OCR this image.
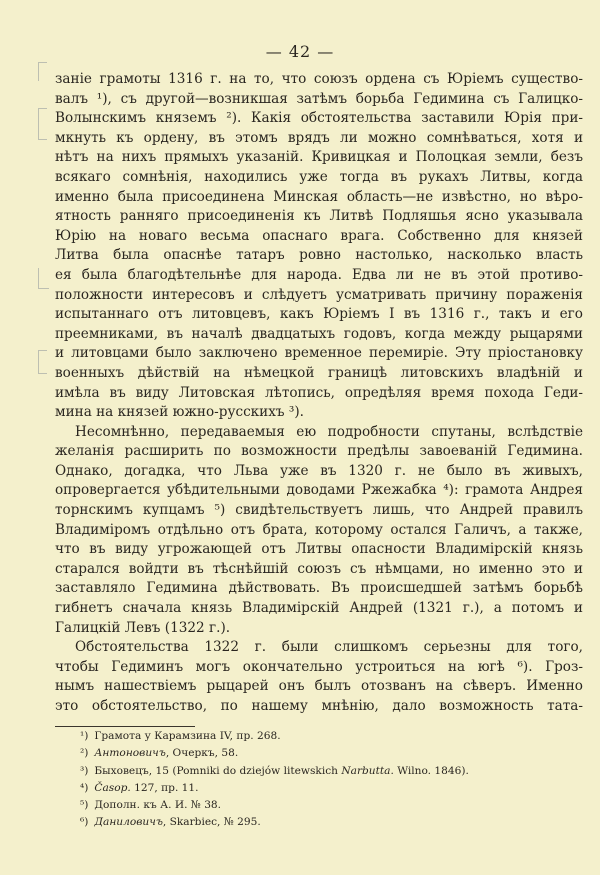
— 42 —
заніе грамоты 1316 г. на то, что союзъ ордена съ Юріемъ существо-
валъ ¹), съ другой—возникшая затѣмъ борьба Гедимина съ Галицко-
Волынскимъ княземъ ²). Какія обстоятельства заставили Юрія при-
мкнуть къ ордену, въ этомъ врядъ ли можно сомнѣваться, хотя и
нѣтъ на нихъ прямыхъ указаній. Кривицкая и Полоцкая земли, безъ
всякаго сомнѣнія, находились уже тогда въ рукахъ Литвы, когда
именно была присоединена Минская область—не извѣстно, но вѣро-
ятность ранняго присоединенія къ Литвѣ Подляшья ясно указывала
Юрію на новаго весьма опаснаго врага. Собственно для князей
Литва была опаснѣе татаръ ровно настолько, насколько власть
ея была благодѣтельнѣе для народа. Едва ли не въ этой противо-
положности интересовъ и слѣдуетъ усматривать причину пораженія
испытаннаго отъ литовцевъ, какъ Юріемъ I въ 1316 г., такъ и его
преемниками, въ началѣ двадцатыхъ годовъ, когда между рыцарями
и литовцами было заключено временное перемиріе. Эту пріостановку
военныхъ дѣйствій на нѣмецкой границѣ литовскихъ владѣній и
имѣла въ виду Литовская лѣтопись, опредѣляя время похода Геди-
мина на князей южно-русскихъ ³).
Несомнѣнно, передаваемыя ею подробности спутаны, вслѣдствіе
желанія расширить по возможности предѣлы завоеваній Гедимина.
Однако, догадка, что Льва уже въ 1320 г. не было въ живыхъ,
опровергается убѣдительными доводами Ржежабка ⁴): грамота Андрея
торнскимъ купцамъ ⁵) свидѣтельствуетъ лишь, что Андрей правилъ
Владиміромъ отдѣльно отъ брата, которому остался Галичъ, а также,
что въ виду угрожающей отъ Литвы опасности Владимірскій князь
старался войдти въ тѣснѣйшій союзъ съ нѣмцами, но именно это и
заставляло Гедимина дѣйствовать. Въ происшедшей затѣмъ борьбѣ
гибнетъ сначала князь Владимірскій Андрей (1321 г.), а потомъ и
Галицкій Левъ (1322 г.).
Обстоятельства 1322 г. были слишкомъ серьезны для того,
чтобы Гедиминъ могъ окончательно устроиться на югѣ ⁶). Гроз-
нымъ нашествіемъ рыцарей онъ былъ отозванъ на сѣверъ. Именно
это обстоятельство, по нашему мнѣнію, дало возможность тата-
¹) Грамота у Карамзина IV, пр. 268.
²) Антоновичъ, Очеркъ, 58.
³) Быховецъ, 15 (Pomniki do dziejów litewskich Narbutta. Wilno. 1846).
⁴) Časop. 127, пр. 11.
⁵) Дополн. къ А. И. № 38.
⁶) Даниловичъ, Skarbiec, № 295.
